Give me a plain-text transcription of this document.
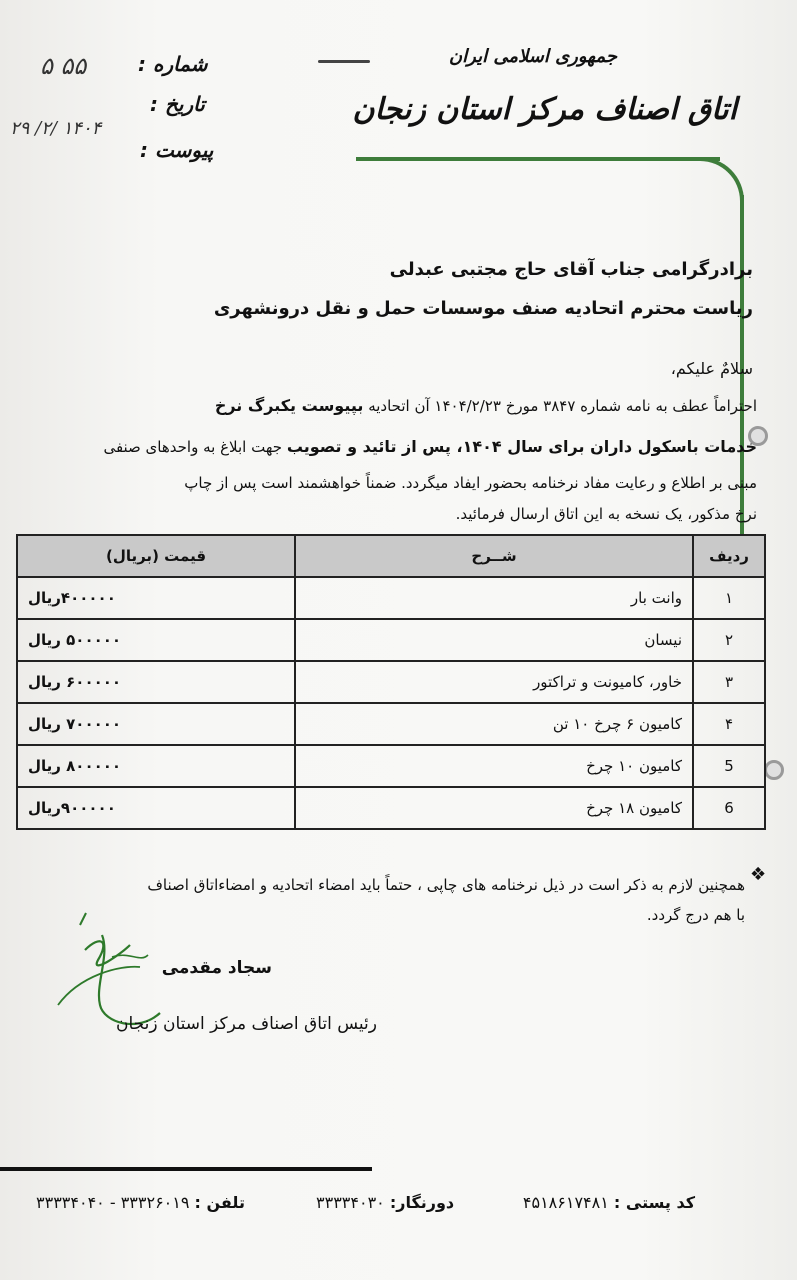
شماره :
۵۵ ۵
تاریخ :
۱۴۰۴ /۲/ ۲۹
پیوست :
جمهوری اسلامی ایران
اتاق اصناف مرکز استان زنجان
برادرگرامی جناب آقای حاج مجتبی عبدلی
ریاست محترم اتحادیه صنف موسسات حمل و نقل درونشهری
سلامٌ علیکم،
احتراماً عطف به نامه شماره ۳۸۴۷ مورخ ۱۴۰۴/۲/۲۳ آن اتحادیه بپیوست یکبرگ نرخ
خدمات باسکول داران برای سال ۱۴۰۴، پس از تائید و تصویب جهت ابلاغ به واحدهای صنفی
مبنی بر اطلاع و رعایت مفاد نرخنامه بحضور ایفاد میگردد. ضمناً خواهشمند است پس از چاپ
نرخ مذکور، یک نسخه به این اتاق ارسال فرمائید.
ردیف	شــرح	قیمت (بریال)
۱	وانت بار	۴۰۰۰۰۰ریال
۲	نیسان	۵۰۰۰۰۰ ریال
۳	خاور، کامیونت و تراکتور	۶۰۰۰۰۰ ریال
۴	کامیون ۶ چرخ ۱۰ تن	۷۰۰۰۰۰ ریال
5	کامیون ۱۰ چرخ	۸۰۰۰۰۰ ریال
6	کامیون ۱۸ چرخ	۹۰۰۰۰۰ریال
❖
همچنین لازم به ذکر است در ذیل نرخنامه های چاپی ، حتماً باید امضاء اتحادیه و امضاءاتاق اصناف
با هم درج گردد.
سجاد مقدمی
رئیس اتاق اصناف مرکز استان زنجان
کد پستی : ۴۵۱۸۶۱۷۴۸۱
دورنگار: ۳۳۳۳۴۰۳۰
تلفن : ۳۳۳۲۶۰۱۹ - ۳۳۳۳۴۰۴۰
